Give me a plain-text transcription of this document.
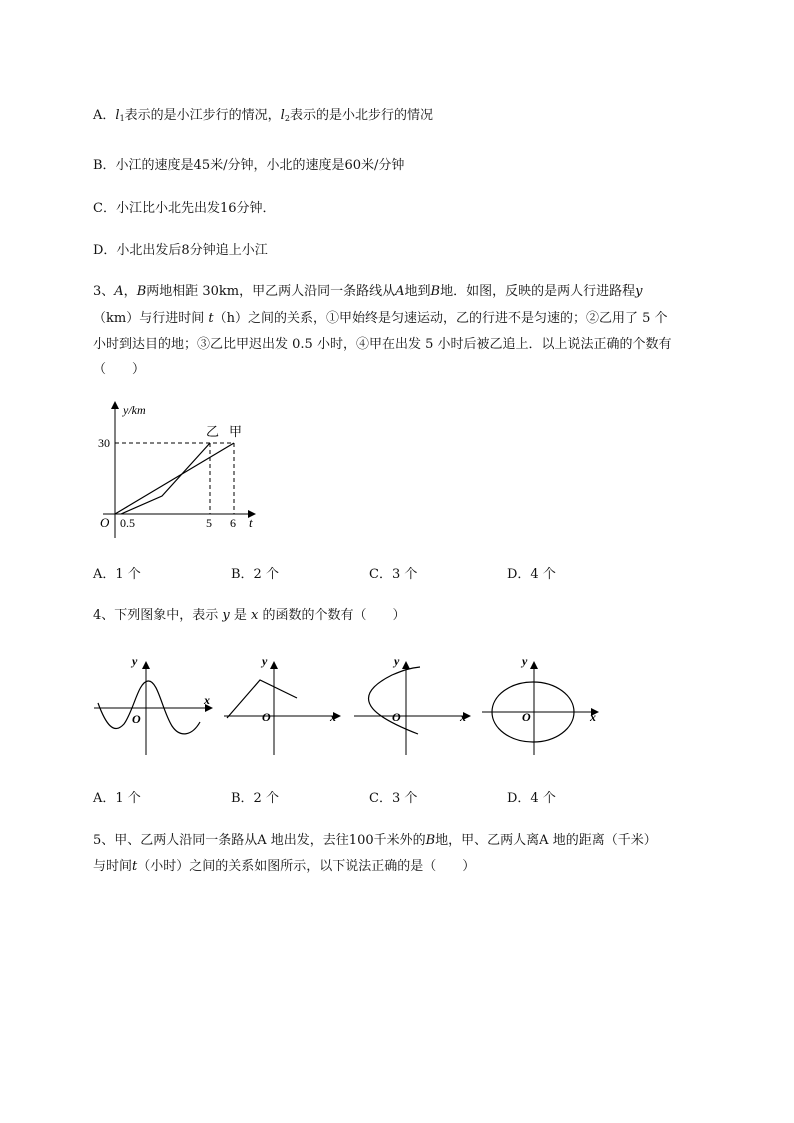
A．$l_1$表示的是小江步行的情况，$l_2$表示的是小北步行的情况
B．小江的速度是45米/分钟，小北的速度是60米/分钟
C．小江比小北先出发16分钟．
D．小北出发后8分钟追上小江
3、A，B两地相距 30km，甲乙两人沿同一条路线从A地到B地．如图，反映的是两人行进路程y
（km）与行进时间 t（h）之间的关系，①甲始终是匀速运动，乙的行进不是匀速的；②乙用了 5 个
小时到达目的地；③乙比甲迟出发 0.5 小时，④甲在出发 5 小时后被乙追上．以上说法正确的个数有
（　　）
y/km
30
O 0.5	5 6 t
乙 甲
A．1 个	B．2 个	C．3 个	D．4 个
4、下列图象中，表示 y 是 x 的函数的个数有（　　）
y
x
O
y
x
O
y
x
O
y
x
O
A．1 个	B．2 个	C．3 个	D．4 个
5、甲、乙两人沿同一条路从A 地出发，去往100千米外的B地，甲、乙两人离A 地的距离（千米）
与时间t（小时）之间的关系如图所示，以下说法正确的是（　　）
